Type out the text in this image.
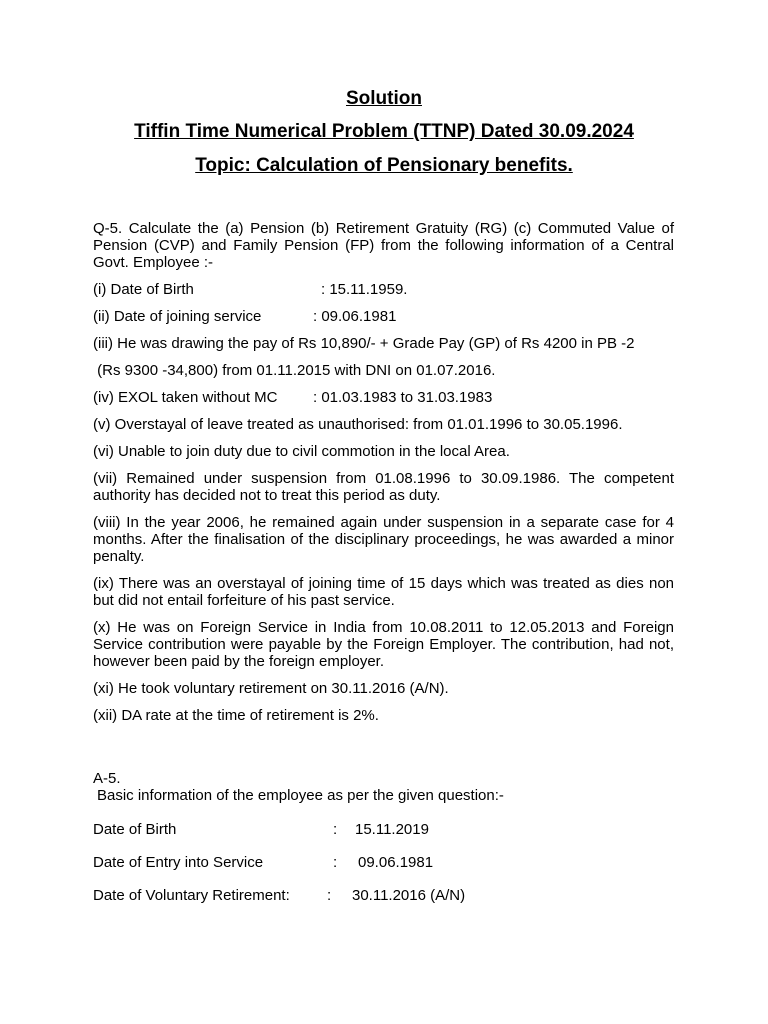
Solution
Tiffin Time Numerical Problem (TTNP) Dated 30.09.2024
Topic: Calculation of Pensionary benefits.

Q-5. Calculate the (a) Pension (b) Retirement Gratuity (RG) (c) Commuted Value of Pension (CVP) and Family Pension (FP) from the following information of a Central Govt. Employee :-

(i) Date of Birth	: 15.11.1959.

(ii) Date of joining service	: 09.06.1981

(iii) He was drawing the pay of Rs 10,890/- + Grade Pay (GP) of Rs 4200 in PB -2

(Rs 9300 -34,800) from 01.11.2015 with DNI on 01.07.2016.

(iv) EXOL taken without MC : 01.03.1983 to 31.03.1983

(v) Overstayal of leave treated as unauthorised: from 01.01.1996 to 30.05.1996.

(vi) Unable to join duty due to civil commotion in the local Area.

(vii) Remained under suspension from 01.08.1996 to 30.09.1986. The competent authority has decided not to treat this period as duty.

(viii) In the year 2006, he remained again under suspension in a separate case for 4 months. After the finalisation of the disciplinary proceedings, he was awarded a minor penalty.

(ix) There was an overstayal of joining time of 15 days which was treated as dies non but did not entail forfeiture of his past service.

(x) He was on Foreign Service in India from 10.08.2011 to 12.05.2013 and Foreign Service contribution were payable by the Foreign Employer. The contribution, had not, however been paid by the foreign employer.

(xi) He took voluntary retirement on 30.11.2016 (A/N).

(xii) DA rate at the time of retirement is 2%.

A-5.

Basic information of the employee as per the given question:-

Date of Birth	: 15.11.2019
Date of Entry into Service	: 09.06.1981
Date of Voluntary Retirement: : 30.11.2016 (A/N)
